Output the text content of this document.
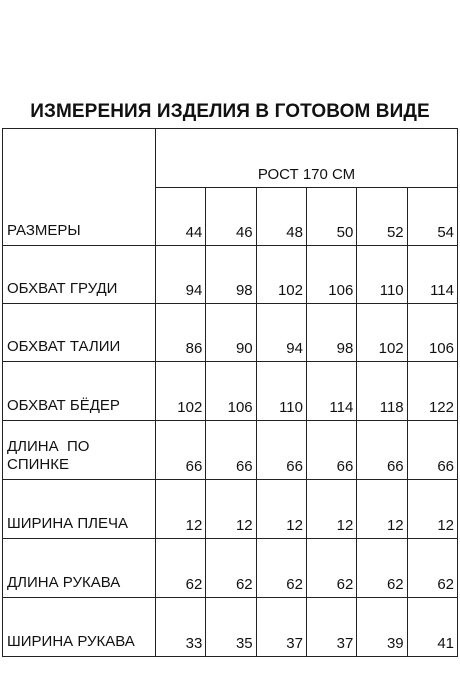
ИЗМЕРЕНИЯ ИЗДЕЛИЯ В ГОТОВОМ ВИДЕ
	РОСТ 170 СМ					
РАЗМЕРЫ	44	46	48	50	52	54
ОБХВАТ ГРУДИ	94	98	102	106	110	114
ОБХВАТ ТАЛИИ	86	90	94	98	102	106
ОБХВАТ БЁДЕР	102	106	110	114	118	122
ДЛИНА  ПО
СПИНКЕ	66	66	66	66	66	66
ШИРИНА ПЛЕЧА	12	12	12	12	12	12
ДЛИНА РУКАВА	62	62	62	62	62	62
ШИРИНА РУКАВА	33	35	37	37	39	41
